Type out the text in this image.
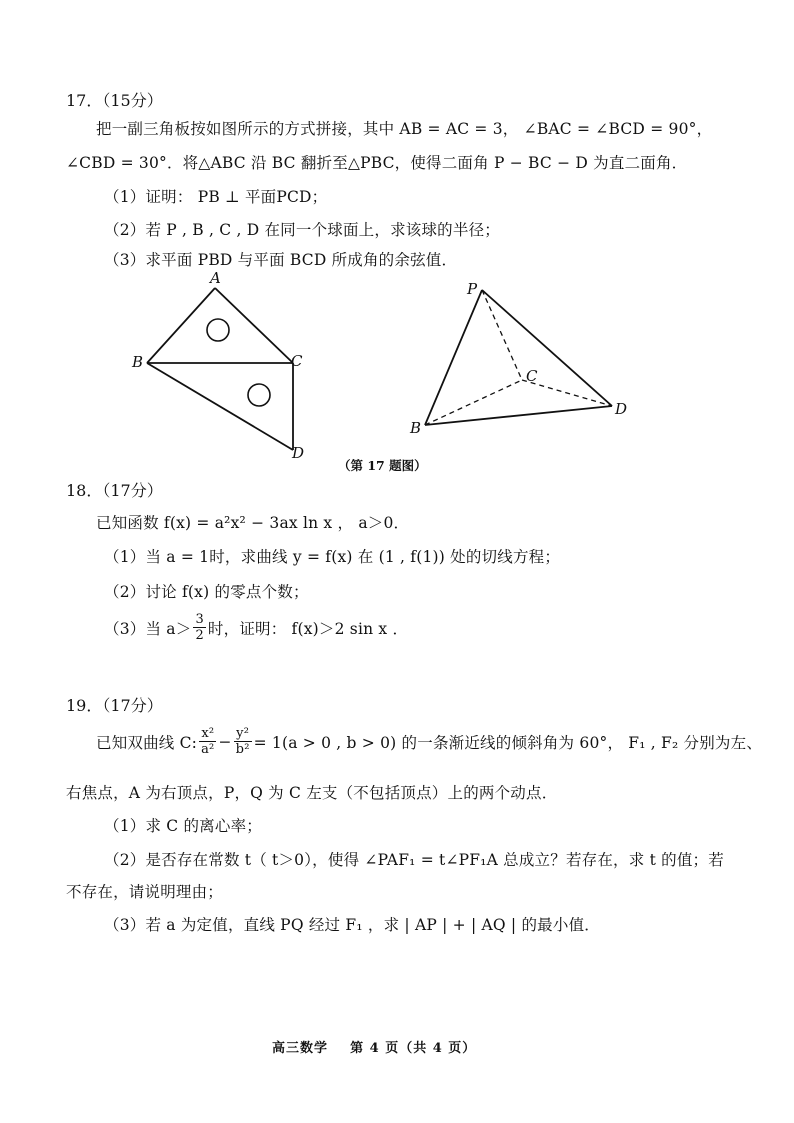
17．（15分）
把一副三角板按如图所示的方式拼接，其中 AB = AC = 3， ∠BAC = ∠BCD = 90°，
∠CBD = 30°．将△ABC 沿 BC 翻折至△PBC，使得二面角 P − BC − D 为直二面角．
（1）证明： PB ⊥ 平面PCD；
（2）若 P , B , C , D 在同一个球面上，求该球的半径；
（3）求平面 PBD 与平面 BCD 所成角的余弦值．
A
B	C
D
P
B
C
D
（第 17 题图）
18．（17分）
已知函数 f(x) = a²x² − 3ax ln x ， a＞0．
（1）当 a = 1时，求曲线 y = f(x) 在 (1 , f(1)) 处的切线方程；
（2）讨论 f(x) 的零点个数；
（3）当 $a> \frac{3}{2}$ 时，证明： f(x)＞2 sin x ．
19．（17分）
已知双曲线 C: $\frac{\text{x²}}{\text{a²}} - \frac{\text{y²}}{\text{b²}} = 1(a > 0$ , b > 0) 的一条渐近线的倾斜角为 60°， F₁ , F₂ 分别为左、
右焦点，A 为右顶点，P，Q 为 C 左支（不包括顶点）上的两个动点．
（1）求 C 的离心率；
（2）是否存在常数 t（ t＞0），使得 ∠PAF₁ = t∠PF₁A 总成立？若存在，求 t 的值；若
不存在，请说明理由；
（3）若 a 为定值，直线 PQ 经过 F₁ ，求 | AP | + | AQ | 的最小值．
高三数学    第 4 页（共 4 页）
